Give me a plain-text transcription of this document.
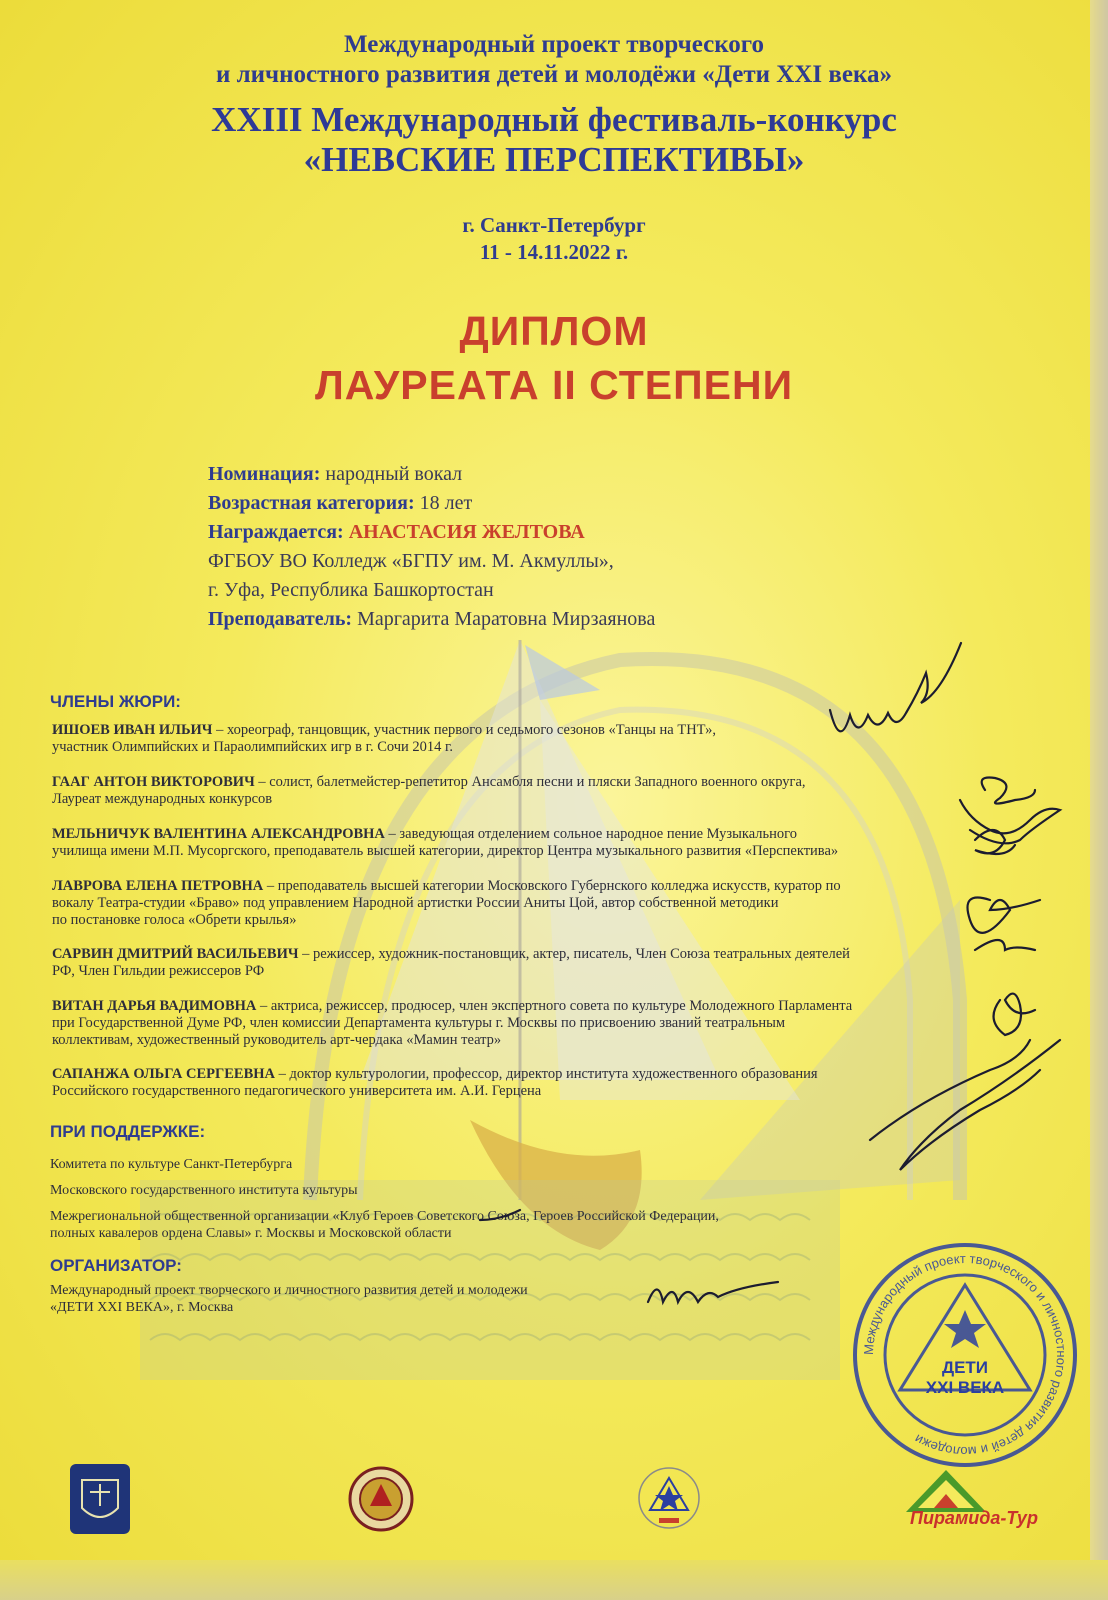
Международный проект творческого
и личностного развития детей и молодёжи «Дети XXI века»
XXIII Международный фестиваль-конкурс
«НЕВСКИЕ ПЕРСПЕКТИВЫ»
г. Санкт-Петербург
11 - 14.11.2022 г.
ДИПЛОМ
ЛАУРЕАТА II СТЕПЕНИ
Номинация: народный вокал
Возрастная категория: 18 лет
Награждается: АНАСТАСИЯ ЖЕЛТОВА
ФГБОУ ВО Колледж «БГПУ им. М. Акмуллы»,
г. Уфа, Республика Башкортостан
Преподаватель: Маргарита Маратовна Мирзаянова
ЧЛЕНЫ ЖЮРИ:
ИШОЕВ ИВАН ИЛЬИЧ – хореограф, танцовщик, участник первого и седьмого сезонов «Танцы на ТНТ»,
участник Олимпийских и Параолимпийских игр в г. Сочи 2014 г.
ГААГ АНТОН ВИКТОРОВИЧ – солист, балетмейстер-репетитор Ансамбля песни и пляски Западного военного округа,
Лауреат международных конкурсов
МЕЛЬНИЧУК ВАЛЕНТИНА АЛЕКСАНДРОВНА – заведующая отделением сольное народное пение Музыкального
училища имени М.П. Мусоргского, преподаватель высшей категории, директор Центра музыкального развития «Перспектива»
ЛАВРОВА ЕЛЕНА ПЕТРОВНА – преподаватель высшей категории Московского Губернского колледжа искусств, куратор по
вокалу Театра-студии «Браво» под управлением Народной артистки России Аниты Цой, автор собственной методики
по постановке голоса «Обрети крылья»
САРВИН ДМИТРИЙ ВАСИЛЬЕВИЧ – режиссер, художник-постановщик, актер, писатель, Член Союза театральных деятелей
РФ, Член Гильдии режиссеров РФ
ВИТАН ДАРЬЯ ВАДИМОВНА – актриса, режиссер, продюсер, член экспертного совета по культуре Молодежного Парламента
при Государственной Думе РФ, член комиссии Департамента культуры г. Москвы по присвоению званий театральным
коллективам, художественный руководитель арт-чердака «Мамин театр»
САПАНЖА ОЛЬГА СЕРГЕЕВНА – доктор культурологии, профессор, директор института художественного образования
Российского государственного педагогического университета им. А.И. Герцена
ПРИ ПОДДЕРЖКЕ:
Комитета по культуре Санкт-Петербурга
Московского государственного института культуры
Межрегиональной общественной организации «Клуб Героев Советского Союза, Героев Российской Федерации,
полных кавалеров ордена Славы» г. Москвы и Московской области
ОРГАНИЗАТОР:
Международный проект творческого и личностного развития детей и молодежи
«ДЕТИ XXI ВЕКА», г. Москва
Международный проект творческого и личностного развития детей и молодежи
ДЕТИ
XXI ВЕКА
Пирамида-Тур
